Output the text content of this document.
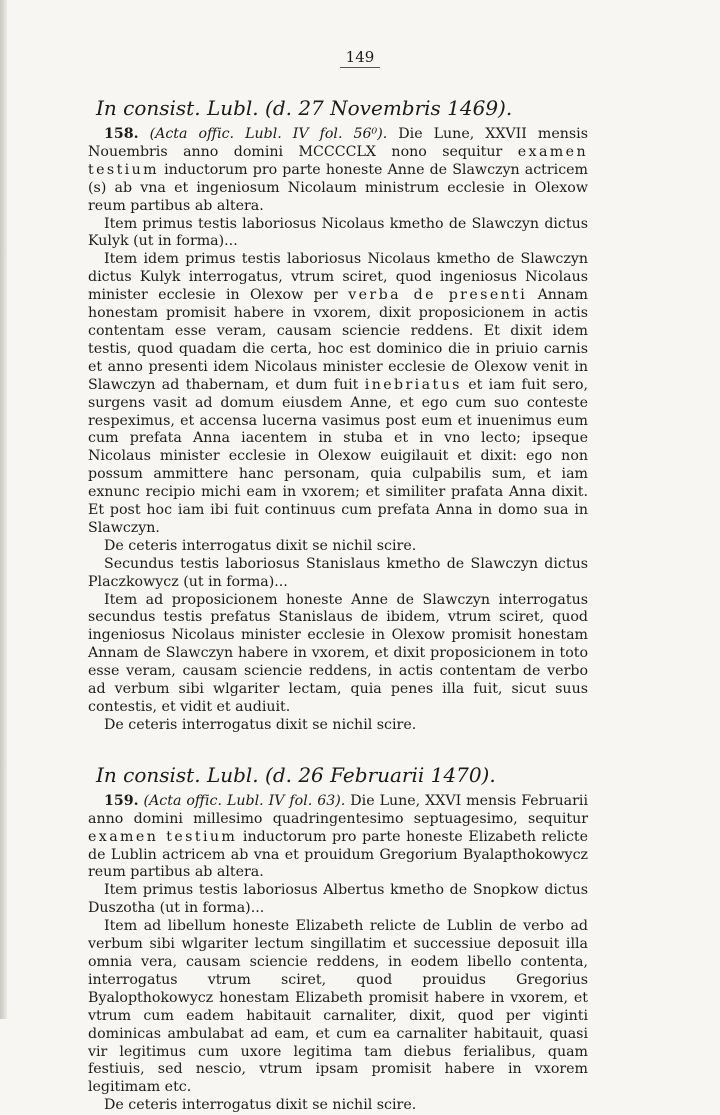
149
In consist. Lubl. (d. 27 Novembris 1469).

158. (Acta offic. Lubl. IV fol. 56⁰). Die Lune, XXVII mensis Nouembris anno domini MCCCCLX nono sequitur examen testium inductorum pro parte honeste Anne de Slawczyn actricem (s) ab vna et ingeniosum Nicolaum ministrum ecclesie in Olexow reum partibus ab altera.

Item primus testis laboriosus Nicolaus kmetho de Slawczyn dictus Kulyk (ut in forma)...

Item idem primus testis laboriosus Nicolaus kmetho de Slawczyn dictus Kulyk interrogatus, vtrum sciret, quod ingeniosus Nicolaus minister ecclesie in Olexow per verba de presenti Annam honestam promisit habere in vxorem, dixit proposicionem in actis contentam esse veram, causam sciencie reddens. Et dixit idem testis, quod quadam die certa, hoc est dominico die in priuio carnis et anno presenti idem Nicolaus minister ecclesie de Olexow venit in Slawczyn ad thabernam, et dum fuit inebriatus et iam fuit sero, surgens vasit ad domum eiusdem Anne, et ego cum suo conteste respeximus, et accensa lucerna vasimus post eum et inuenimus eum cum prefata Anna iacentem in stuba et in vno lecto; ipseque Nicolaus minister ecclesie in Olexow euigilauit et dixit: ego non possum ammittere hanc personam, quia culpabilis sum, et iam exnunc recipio michi eam in vxorem; et similiter prafata Anna dixit. Et post hoc iam ibi fuit continuus cum prefata Anna in domo sua in Slawczyn.

De ceteris interrogatus dixit se nichil scire.

Secundus testis laboriosus Stanislaus kmetho de Slawczyn dictus Placzkowycz (ut in forma)...

Item ad proposicionem honeste Anne de Slawczyn interrogatus secundus testis prefatus Stanislaus de ibidem, vtrum sciret, quod ingeniosus Nicolaus minister ecclesie in Olexow promisit honestam Annam de Slawczyn habere in vxorem, et dixit proposicionem in toto esse veram, causam sciencie reddens, in actis contentam de verbo ad verbum sibi wlgariter lectam, quia penes illa fuit, sicut suus contestis, et vidit et audiuit.

De ceteris interrogatus dixit se nichil scire.

In consist. Lubl. (d. 26 Februarii 1470).

159. (Acta offic. Lubl. IV fol. 63). Die Lune, XXVI mensis Februarii anno domini millesimo quadringentesimo septuagesimo, sequitur examen testium inductorum pro parte honeste Elizabeth relicte de Lublin actricem ab vna et prouidum Gregorium Byalapthokowycz reum partibus ab altera.

Item primus testis laboriosus Albertus kmetho de Snopkow dictus Duszotha (ut in forma)...

Item ad libellum honeste Elizabeth relicte de Lublin de verbo ad verbum sibi wlgariter lectum singillatim et successiue deposuit illa omnia vera, causam sciencie reddens, in eodem libello contenta, interrogatus vtrum sciret, quod prouidus Gregorius Byalopthokowycz honestam Elizabeth promisit habere in vxorem, et vtrum cum eadem habitauit carnaliter, dixit, quod per viginti dominicas ambulabat ad eam, et cum ea carnaliter habitauit, quasi vir legitimus cum uxore legitima tam diebus ferialibus, quam festiuis, sed nescio, vtrum ipsam promisit habere in vxorem legitimam etc.

De ceteris interrogatus dixit se nichil scire.
